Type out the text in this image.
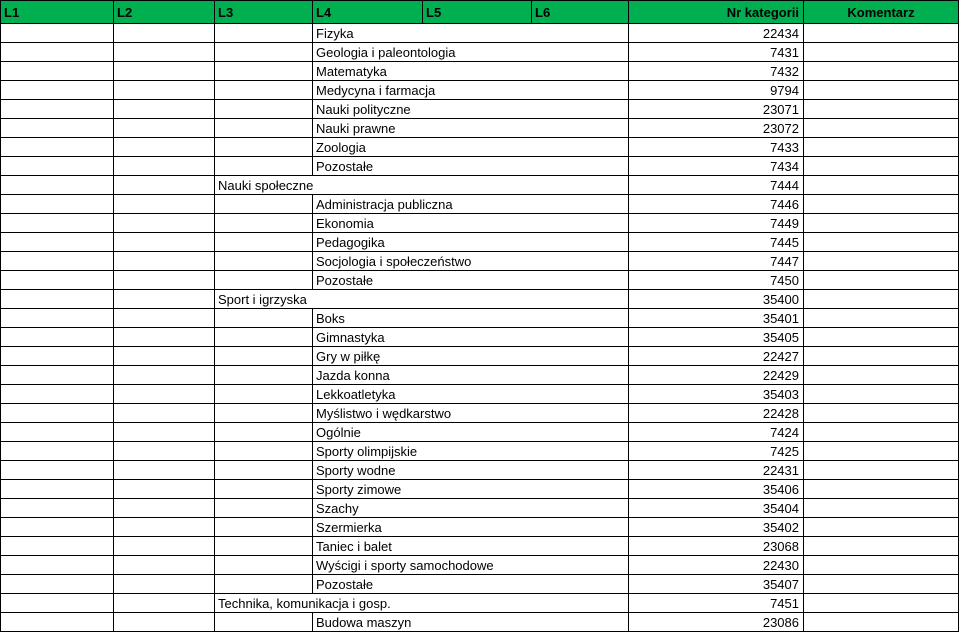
L1	L2	L3	L4	L5	L6	Nr kategorii	Komentarz
			Fizyka			22434	
			Geologia i paleontologia			7431	
			Matematyka			7432	
			Medycyna i farmacja			9794	
			Nauki polityczne			23071	
			Nauki prawne			23072	
			Zoologia			7433	
			Pozostałe			7434	
		Nauki społeczne				7444	
			Administracja publiczna			7446	
			Ekonomia			7449	
			Pedagogika			7445	
			Socjologia i społeczeństwo			7447	
			Pozostałe			7450	
		Sport i igrzyska				35400	
			Boks			35401	
			Gimnastyka			35405	
			Gry w piłkę			22427	
			Jazda konna			22429	
			Lekkoatletyka			35403	
			Myślistwo i wędkarstwo			22428	
			Ogólnie			7424	
			Sporty olimpijskie			7425	
			Sporty wodne			22431	
			Sporty zimowe			35406	
			Szachy			35404	
			Szermierka			35402	
			Taniec i balet			23068	
			Wyścigi i sporty samochodowe			22430	
			Pozostałe			35407	
		Technika, komunikacja i gosp.				7451	
			Budowa maszyn			23086	
